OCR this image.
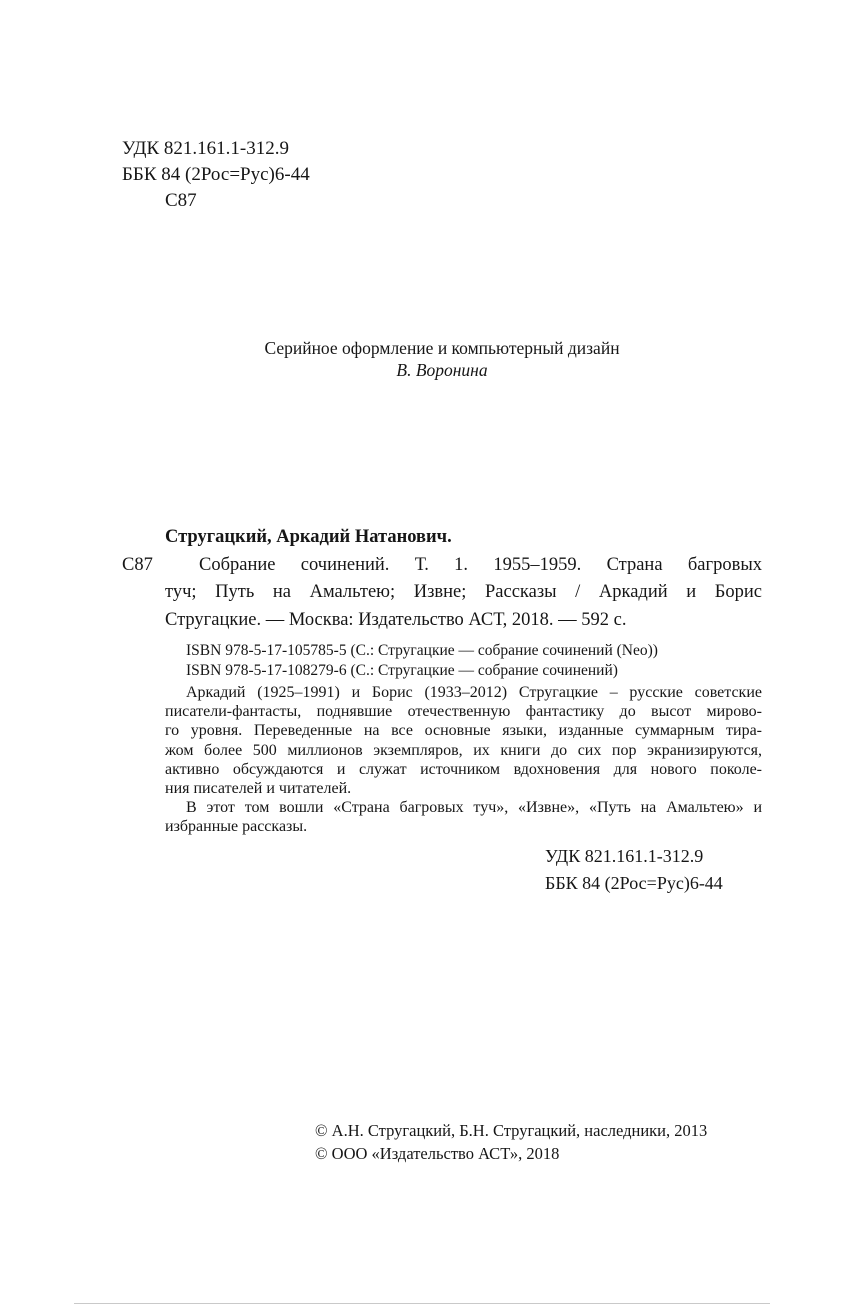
УДК 821.161.1-312.9
ББК 84 (2Рос=Рус)6-44
С87
Серийное оформление и компьютерный дизайн
В. Воронина
Стругацкий, Аркадий Натанович.
С87	Собрание сочинений. Т. 1. 1955–1959. Страна багровых
туч; Путь на Амальтею; Извне; Рассказы / Аркадий и Борис
Стругацкие. — Москва: Издательство АСТ, 2018. — 592 с.
ISBN 978-5-17-105785-5 (С.: Стругацкие — собрание сочинений (Neo))
ISBN 978-5-17-108279-6 (С.: Стругацкие — собрание сочинений)
Аркадий (1925–1991) и Борис (1933–2012) Стругацкие – русские советские
писатели-фантасты, поднявшие отечественную фантастику до высот мирово-
го уровня. Переведенные на все основные языки, изданные суммарным тира-
жом более 500 миллионов экземпляров, их книги до сих пор экранизируются,
активно обсуждаются и служат источником вдохновения для нового поколе-
ния писателей и читателей.
В этот том вошли «Страна багровых туч», «Извне», «Путь на Амальтею» и
избранные рассказы.
УДК 821.161.1-312.9
ББК 84 (2Рос=Рус)6-44
© А.Н. Стругацкий, Б.Н. Стругацкий, наследники, 2013
© ООО «Издательство АСТ», 2018
